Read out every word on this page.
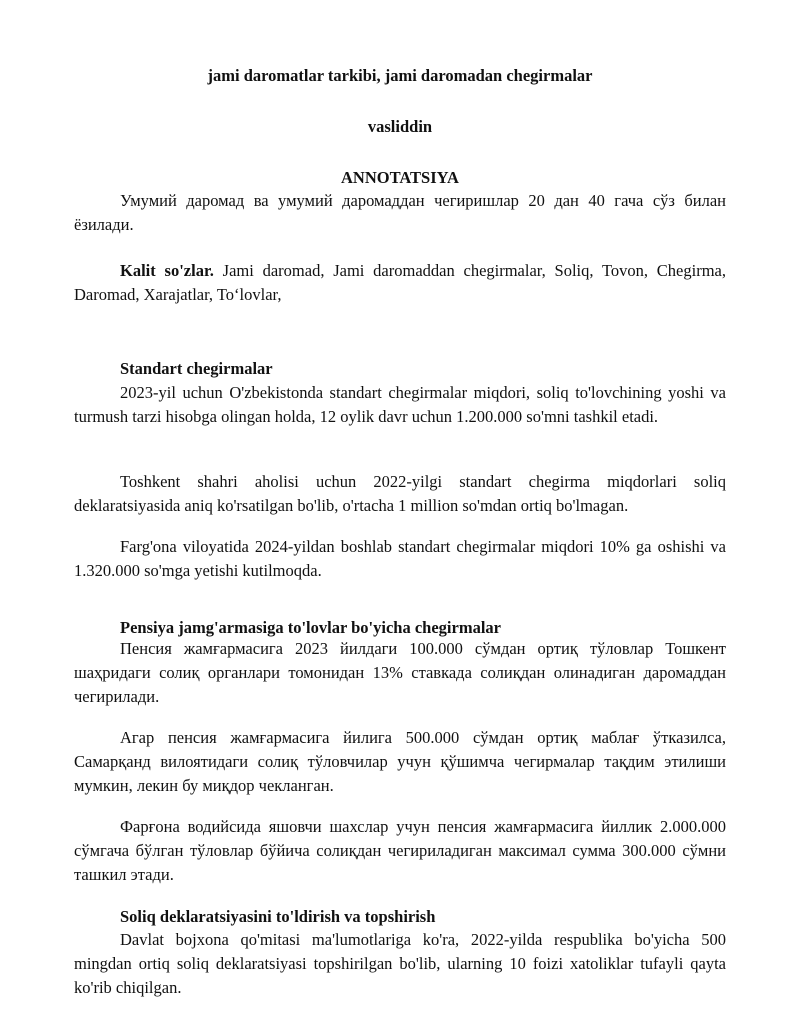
jami daromatlar tarkibi, jami daromadan chegirmalar
vasliddin
ANNOTATSIYA

Умумий даромад ва умумий даромаддан чегиришлар 20 дан 40 гача сўз билан ёзилади.

Kalit so'zlar. Jami daromad, Jami daromaddan chegirmalar, Soliq, Tovon, Chegirma, Daromad, Xarajatlar, To‘lovlar,

Standart chegirmalar

2023-yil uchun O'zbekistonda standart chegirmalar miqdori, soliq to'lovchining yoshi va turmush tarzi hisobga olingan holda, 12 oylik davr uchun 1.200.000 so'mni tashkil etadi.

Toshkent shahri aholisi uchun 2022-yilgi standart chegirma miqdorlari soliq deklaratsiyasida aniq ko'rsatilgan bo'lib, o'rtacha 1 million so'mdan ortiq bo'lmagan.

Farg'ona viloyatida 2024-yildan boshlab standart chegirmalar miqdori 10% ga oshishi va 1.320.000 so'mga yetishi kutilmoqda.

Pensiya jamg'armasiga to'lovlar bo'yicha chegirmalar

Пенсия жамғармасига 2023 йилдаги 100.000 сўмдан ортиқ тўловлар Тошкент шаҳридаги солиқ органлари томонидан 13% ставкада солиқдан олинадиган даромаддан чегирилади.

Агар пенсия жамғармасига йилига 500.000 сўмдан ортиқ маблағ ўтказилса, Самарқанд вилоятидаги солиқ тўловчилар учун қўшимча чегирмалар тақдим этилиши мумкин, лекин бу миқдор чекланган.

Фарғона водийсида яшовчи шахслар учун пенсия жамғармасига йиллик 2.000.000 сўмгача бўлган тўловлар бўйича солиқдан чегириладиган максимал сумма 300.000 сўмни ташкил этади.

Soliq deklaratsiyasini to'ldirish va topshirish

Davlat bojxona qo'mitasi ma'lumotlariga ko'ra, 2022-yilda respublika bo'yicha 500 mingdan ortiq soliq deklaratsiyasi topshirilgan bo'lib, ularning 10 foizi xatoliklar tufayli qayta ko'rib chiqilgan.
